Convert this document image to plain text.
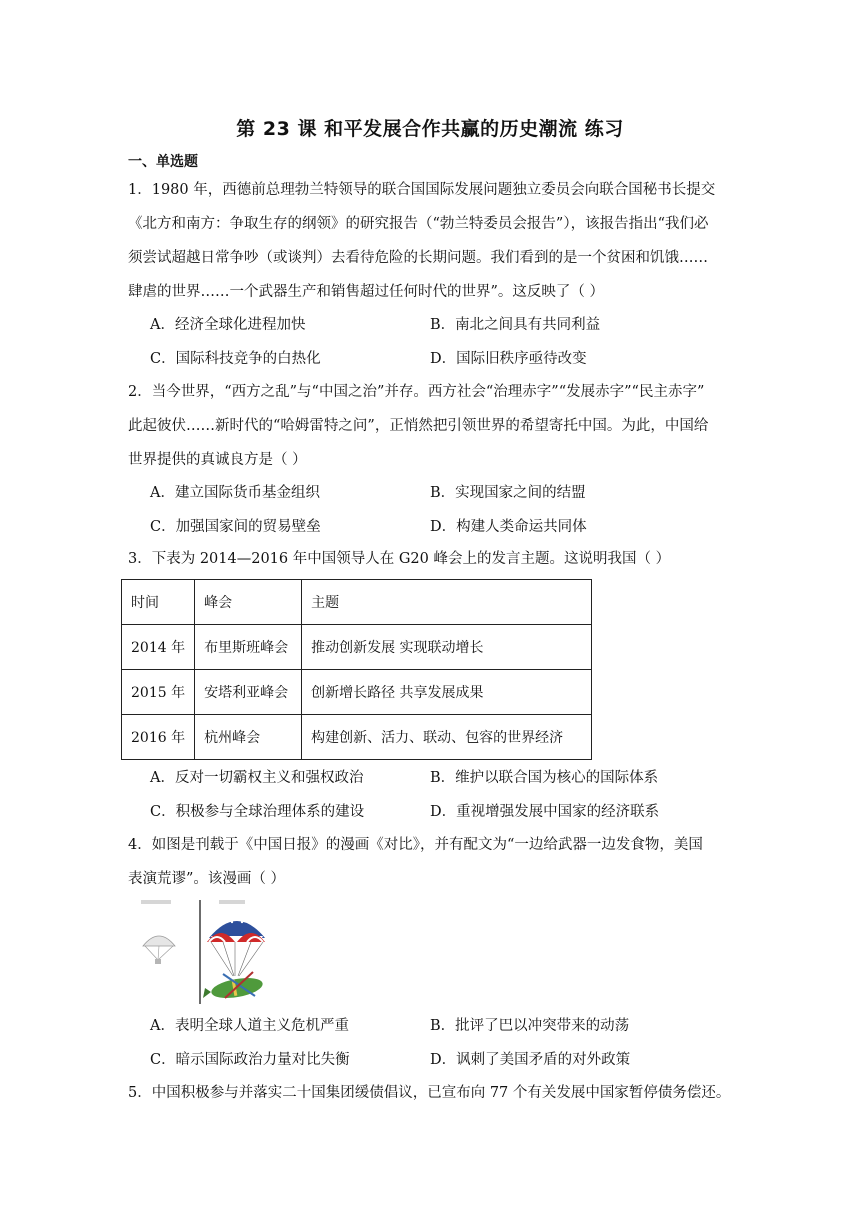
第 23 课 和平发展合作共赢的历史潮流 练习
一、单选题
1．1980 年，西德前总理勃兰特领导的联合国国际发展问题独立委员会向联合国秘书长提交
《北方和南方：争取生存的纲领》的研究报告（“勃兰特委员会报告”），该报告指出“我们必
须尝试超越日常争吵（或谈判）去看待危险的长期问题。我们看到的是一个贫困和饥饿……
肆虐的世界……一个武器生产和销售超过任何时代的世界”。这反映了（ ）
A．经济全球化进程加快	B．南北之间具有共同利益
C．国际科技竞争的白热化	D．国际旧秩序亟待改变
2．当今世界，“西方之乱”与“中国之治”并存。西方社会“治理赤字”“发展赤字”“民主赤字”
此起彼伏……新时代的“哈姆雷特之问”，正悄然把引领世界的希望寄托中国。为此，中国给
世界提供的真诚良方是（ ）
A．建立国际货币基金组织	B．实现国家之间的结盟
C．加强国家间的贸易壁垒	D．构建人类命运共同体
3．下表为 2014—2016 年中国领导人在 G20 峰会上的发言主题。这说明我国（ ）
时间	峰会	主题
2014 年	布里斯班峰会	推动创新发展 实现联动增长
2015 年	安塔利亚峰会	创新增长路径 共享发展成果
2016 年	杭州峰会	构建创新、活力、联动、包容的世界经济
A．反对一切霸权主义和强权政治	B．维护以联合国为核心的国际体系
C．积极参与全球治理体系的建设	D．重视增强发展中国家的经济联系
4．如图是刊载于《中国日报》的漫画《对比》，并有配文为“一边给武器一边发食物，美国
表演荒谬”。该漫画（ ）
A．表明全球人道主义危机严重	B．批评了巴以冲突带来的动荡
C．暗示国际政治力量对比失衡	D．讽刺了美国矛盾的对外政策
5．中国积极参与并落实二十国集团缓债倡议，已宣布向 77 个有关发展中国家暂停债务偿还。
